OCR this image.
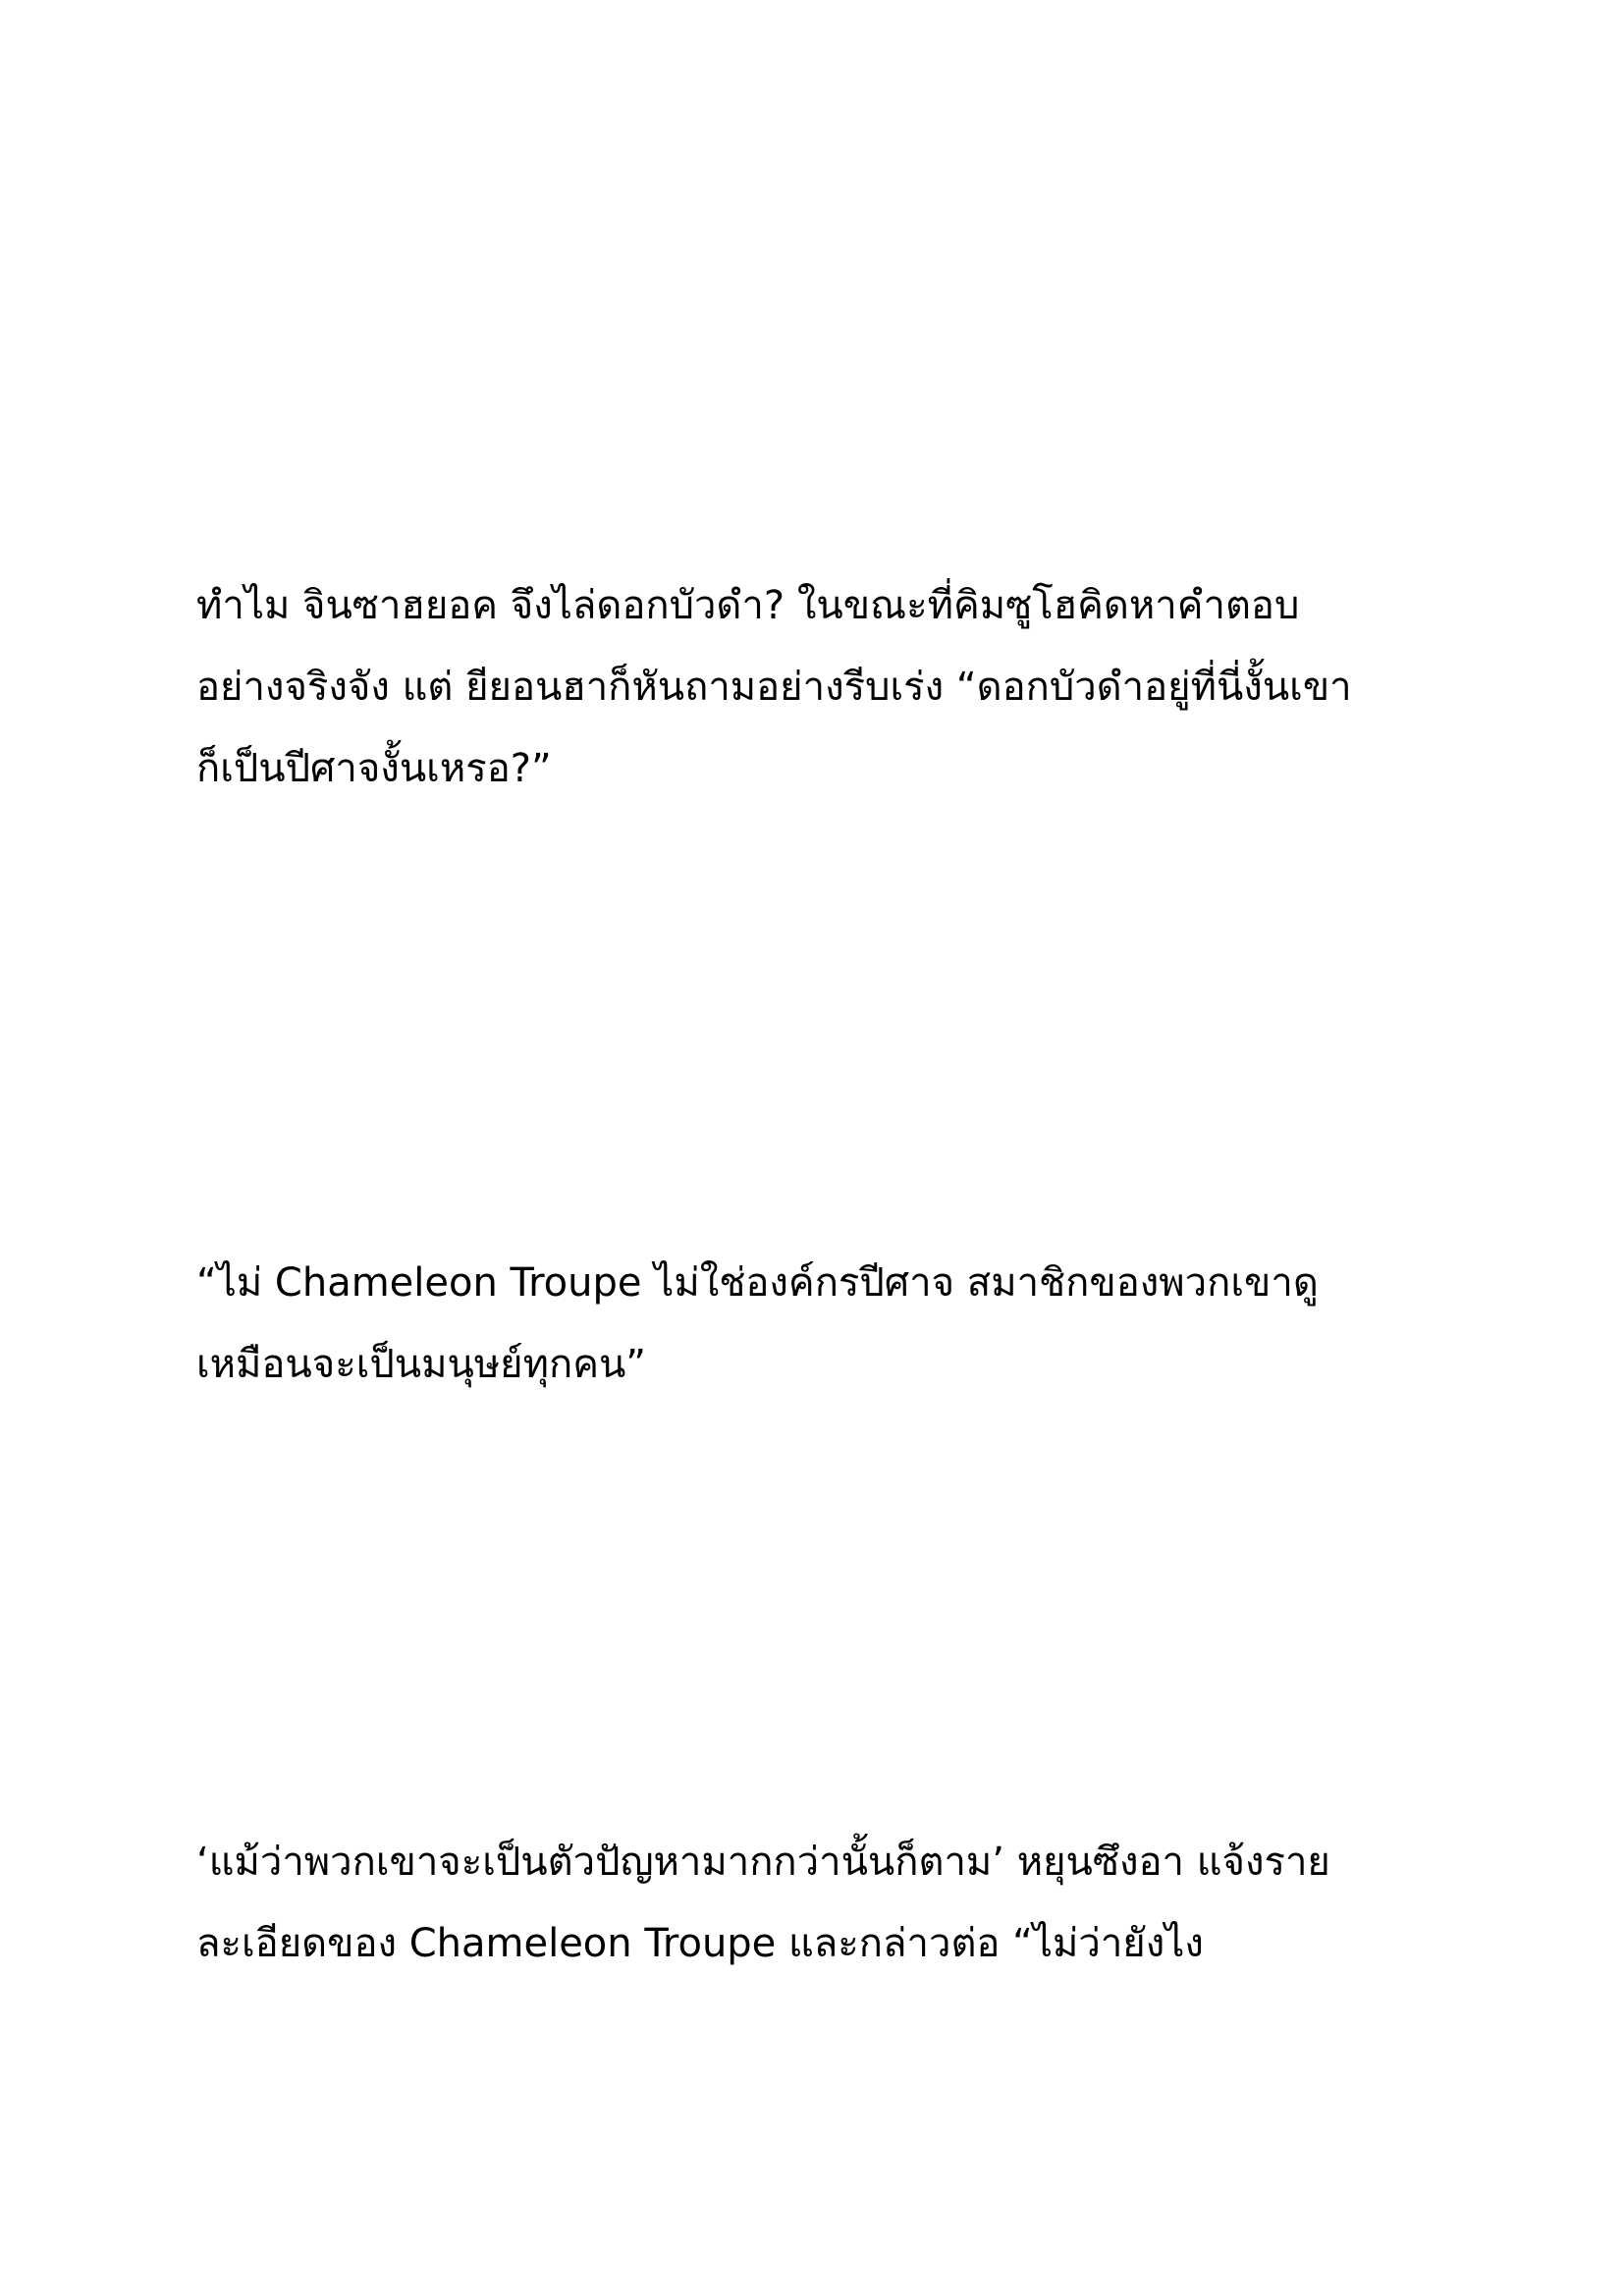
ทำไม จินซาฮยอค จึงไล่ดอกบัวดำ? ในขณะที่คิมซูโฮคิดหาคำตอบ
อย่างจริงจัง แต่ ยียอนฮาก็หันถามอย่างรีบเร่ง “ดอกบัวดำอยู่ที่นี่งั้นเขา
ก็เป็นปีศาจงั้นเหรอ?”
“ไม่ Chameleon Troupe ไม่ใช่องค์กรปีศาจ สมาชิกของพวกเขาดู
เหมือนจะเป็นมนุษย์ทุกคน”
‘แม้ว่าพวกเขาจะเป็นตัวปัญหามากกว่านั้นก็ตาม’ หยุนซึงอา แจ้งราย
ละเอียดของ Chameleon Troupe และกล่าวต่อ “ไม่ว่ายังไง
